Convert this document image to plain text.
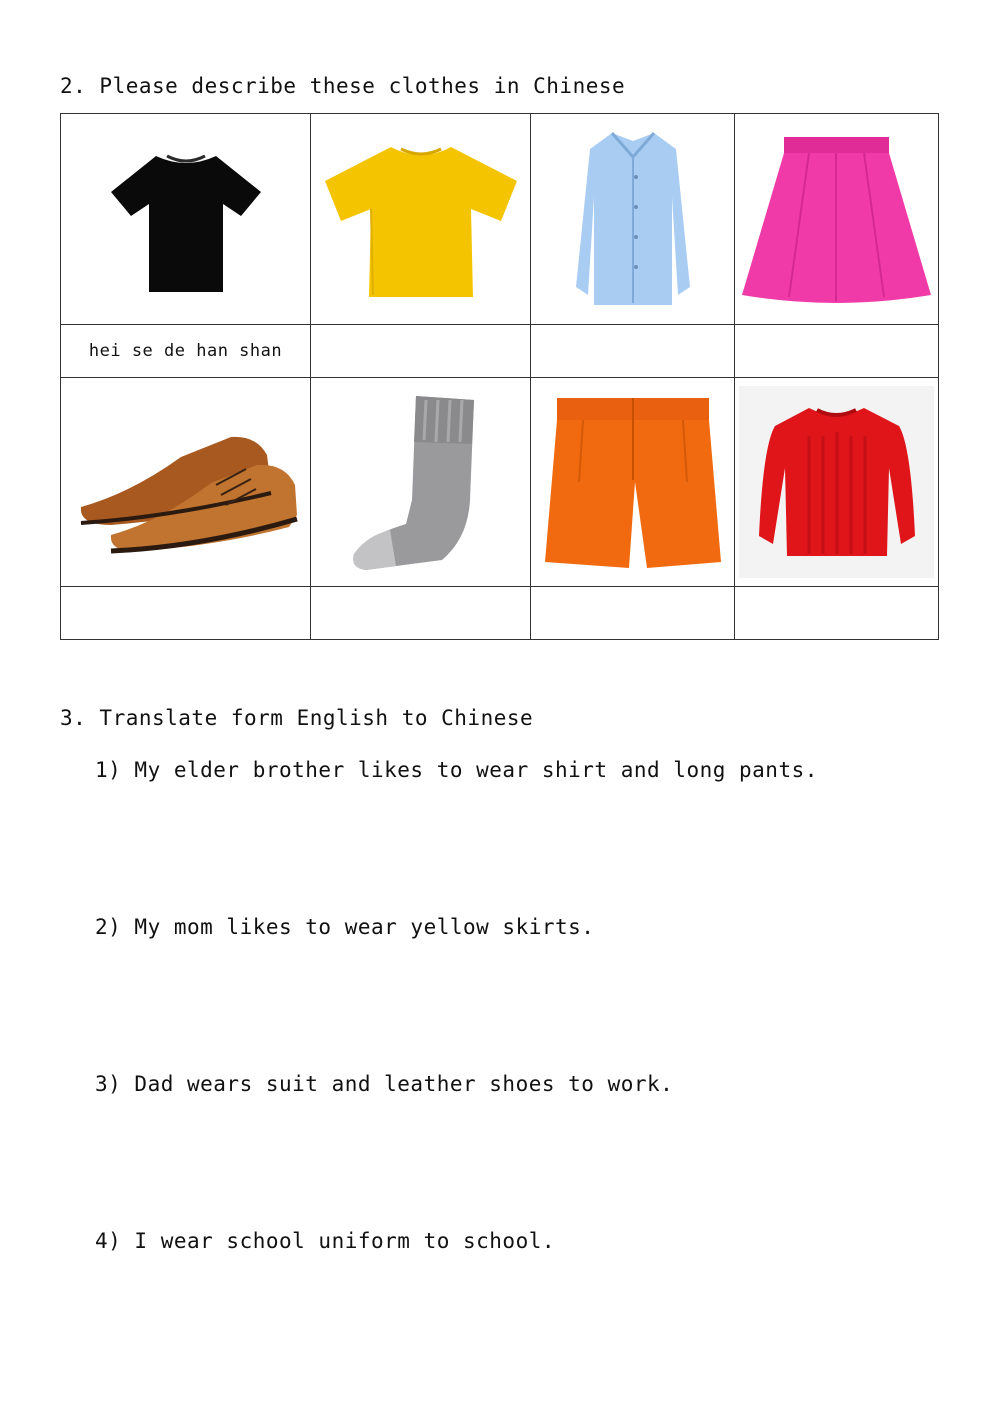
2. Please describe these clothes in Chinese

hei se de han shan			

3. Translate form English to Chinese
1) My elder brother likes to wear shirt and long pants.
2) My mom likes to wear yellow skirts.
3) Dad wears suit and leather shoes to work.
4) I wear school uniform to school.
